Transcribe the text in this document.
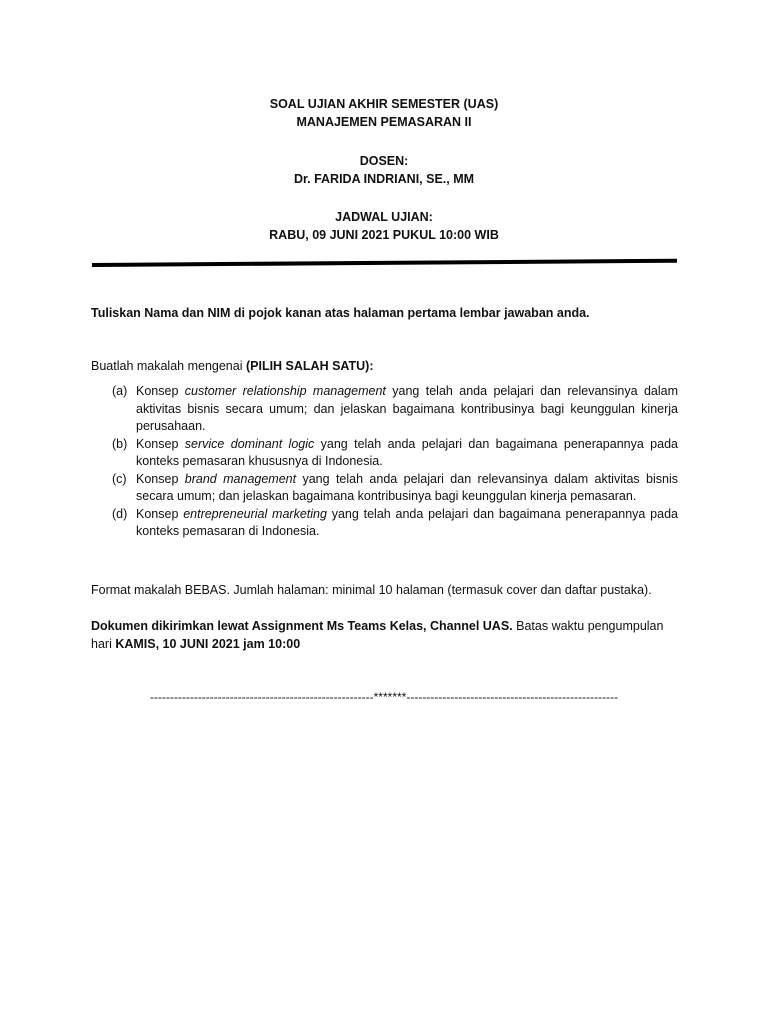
SOAL UJIAN AKHIR SEMESTER (UAS)
MANAJEMEN PEMASARAN II
DOSEN:
Dr. FARIDA INDRIANI, SE., MM
JADWAL UJIAN:
RABU, 09 JUNI 2021 PUKUL 10:00 WIB
Tuliskan Nama dan NIM di pojok kanan atas halaman pertama lembar jawaban anda.
Buatlah makalah mengenai (PILIH SALAH SATU):
(a) Konsep customer relationship management yang telah anda pelajari dan relevansinya dalam aktivitas bisnis secara umum; dan jelaskan bagaimana kontribusinya bagi keunggulan kinerja perusahaan.
(b) Konsep service dominant logic yang telah anda pelajari dan bagaimana penerapannya pada konteks pemasaran khususnya di Indonesia.
(c) Konsep brand management yang telah anda pelajari dan relevansinya dalam aktivitas bisnis secara umum; dan jelaskan bagaimana kontribusinya bagi keunggulan kinerja pemasaran.
(d) Konsep entrepreneurial marketing yang telah anda pelajari dan bagaimana penerapannya pada konteks pemasaran di Indonesia.
Format makalah BEBAS. Jumlah halaman: minimal 10 halaman (termasuk cover dan daftar pustaka).
Dokumen dikirimkan lewat Assignment Ms Teams Kelas, Channel UAS. Batas waktu pengumpulan hari KAMIS, 10 JUNI 2021 jam 10:00
--------------------------------------------------------*******-----------------------------------------------------
